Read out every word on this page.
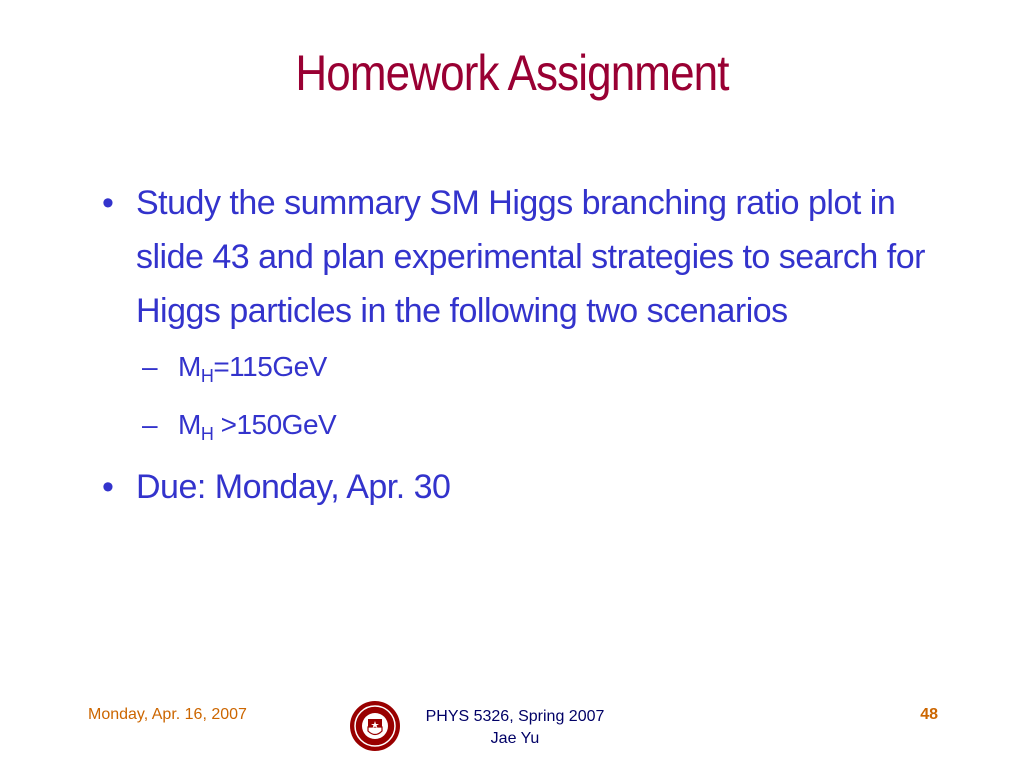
Homework Assignment
• Study the summary SM Higgs branching ratio plot in slide 43 and plan experimental strategies to search for Higgs particles in the following two scenarios
– $M_H=115GeV$
– $M_H >150GeV$
• Due: Monday, Apr. 30
Monday, Apr. 16, 2007	PHYS 5326, Spring 2007
Jae Yu
48
